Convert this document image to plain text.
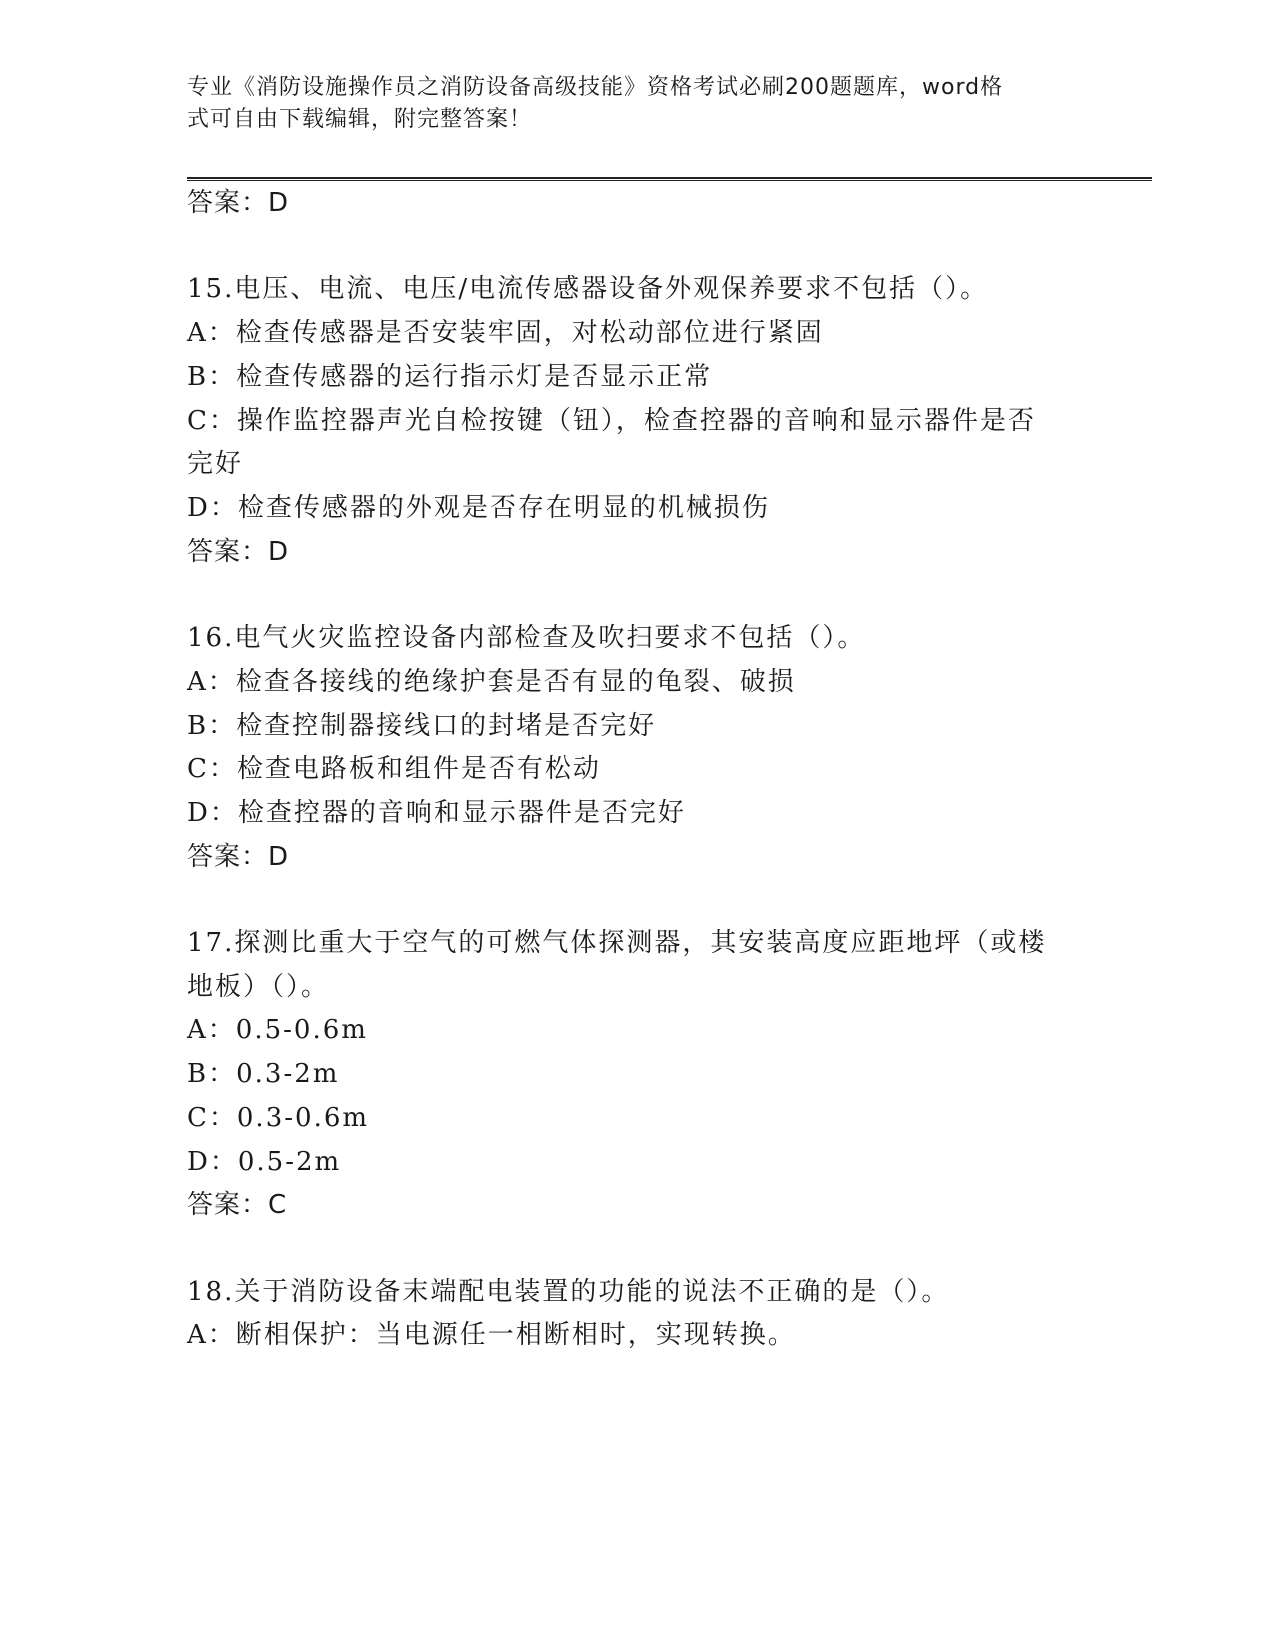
专业《消防设施操作员之消防设备高级技能》资格考试必刷200题题库，word格
式可自由下载编辑，附完整答案！
答案：D
15.电压、电流、电压/电流传感器设备外观保养要求不包括（）。
A：检查传感器是否安装牢固，对松动部位进行紧固
B：检查传感器的运行指示灯是否显示正常
C：操作监控器声光自检按键（钮），检查控器的音响和显示器件是否
完好
D：检查传感器的外观是否存在明显的机械损伤
答案：D
16.电气火灾监控设备内部检查及吹扫要求不包括（）。
A：检查各接线的绝缘护套是否有显的龟裂、破损
B：检查控制器接线口的封堵是否完好
C：检查电路板和组件是否有松动
D：检查控器的音响和显示器件是否完好
答案：D
17.探测比重大于空气的可燃气体探测器，其安装高度应距地坪（或楼
地板）（）。
A：0.5-0.6m
B：0.3-2m
C：0.3-0.6m
D：0.5-2m
答案：C
18.关于消防设备末端配电装置的功能的说法不正确的是（）。
A：断相保护：当电源任一相断相时，实现转换。
